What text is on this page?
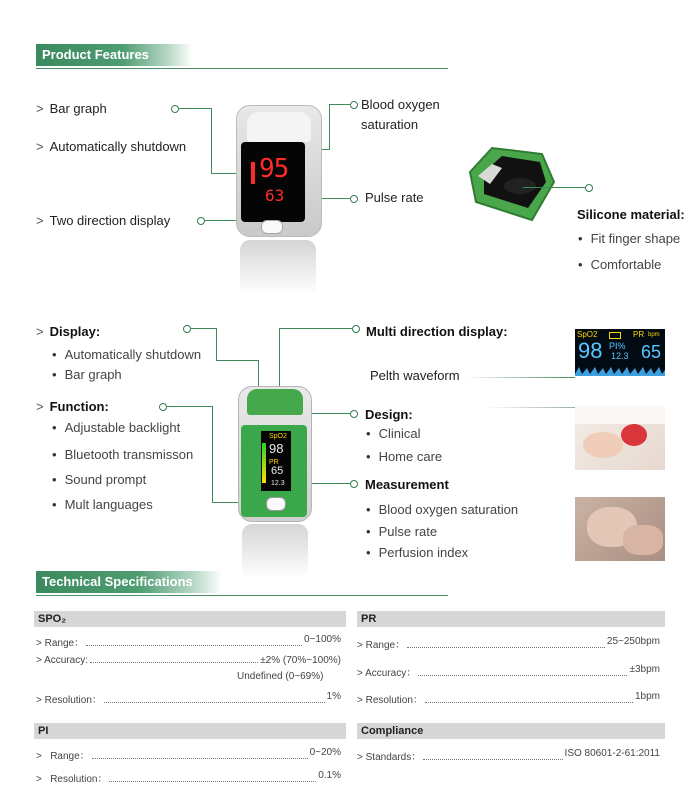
Product Features
> Bar graph
> Automatically shutdown
> Two direction display
Blood oxygen saturation
Pulse rate
95
63
Silicone material:
• Fit finger shape
• Comfortable
> Display:
• Automatically shutdown
• Bar graph
> Function:
• Adjustable backlight
• Bluetooth transmisson
• Sound prompt
• Mult languages
SpO2
98
PR
65
12.3
Multi direction display:
Pelth waveform
Design:
• Clinical
• Home care
Measurement
• Blood oxygen saturation
• Pulse rate
• Perfusion index
SpO2	PR bpm
98 PI%
12.3 65
Technical Specifications
SPO₂
> Range：	0~100%
> Accuracy:	±2% (70%~100%)
Undefined (0~69%)
> Resolution：	1%
PR
> Range：	25~250bpm
> Accuracy：	±3bpm
> Resolution：	1bpm
PI
>   Range：	0~20%
>   Resolution：	0.1%
Compliance
> Standards：	ISO 80601-2-61:2011
